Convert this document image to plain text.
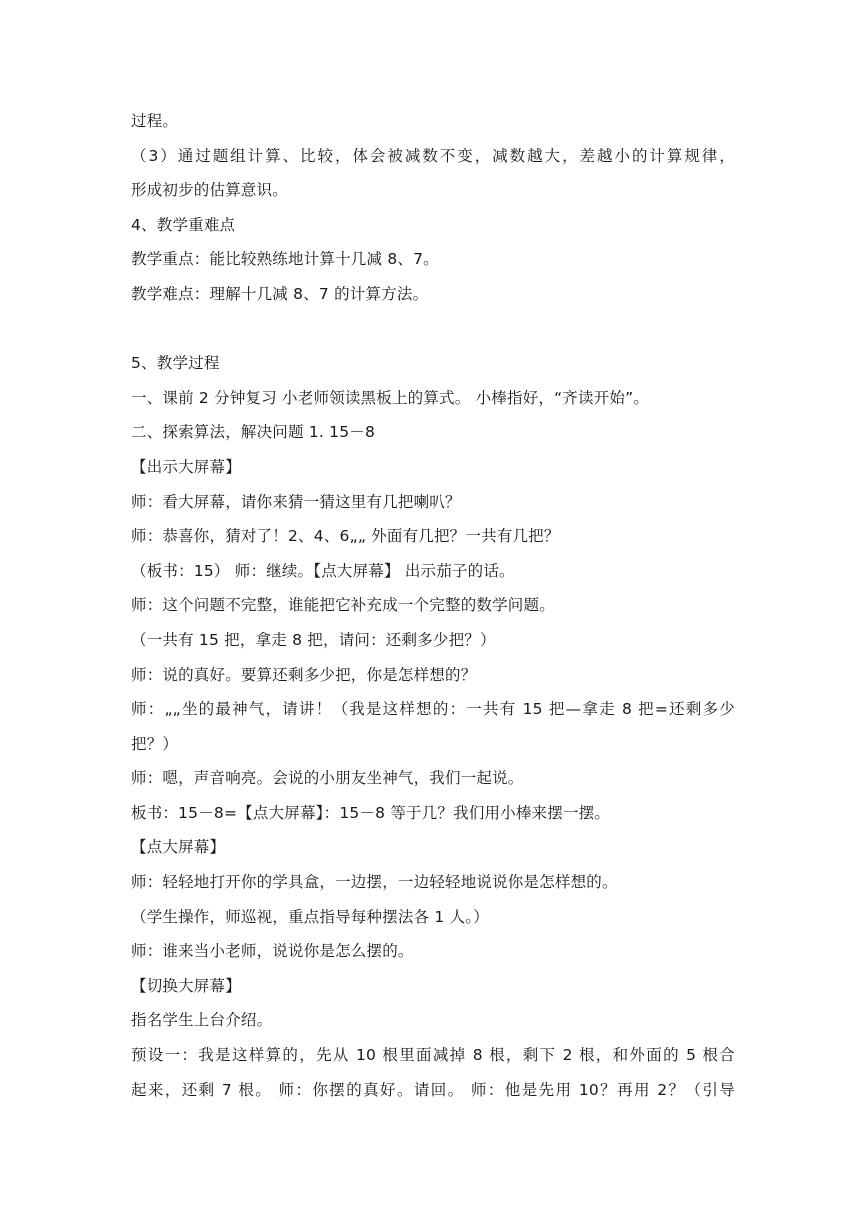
过程。
（3）通过题组计算、比较，体会被减数不变，减数越大，差越小的计算规律，
形成初步的估算意识。
4、教学重难点
教学重点：能比较熟练地计算十几减 8、7。
教学难点：理解十几减 8、7 的计算方法。
5、教学过程
一、课前 2 分钟复习 小老师领读黑板上的算式。 小棒指好，“齐读开始”。
二、探索算法，解决问题 1. 15－8
【出示大屏幕】
师：看大屏幕，请你来猜一猜这里有几把喇叭？
师：恭喜你，猜对了！2、4、6„„ 外面有几把？一共有几把？
（板书：15） 师：继续。【点大屏幕】 出示茄子的话。
师：这个问题不完整，谁能把它补充成一个完整的数学问题。
（一共有 15 把，拿走 8 把，请问：还剩多少把？）
师：说的真好。要算还剩多少把，你是怎样想的？
师：„„坐的最神气，请讲！（我是这样想的：一共有 15 把—拿走 8 把=还剩多少
把？）
师：嗯，声音响亮。会说的小朋友坐神气，我们一起说。
板书：15－8=【点大屏幕】：15－8 等于几？我们用小棒来摆一摆。
【点大屏幕】
师：轻轻地打开你的学具盒，一边摆，一边轻轻地说说你是怎样想的。
（学生操作，师巡视，重点指导每种摆法各 1 人。）
师：谁来当小老师，说说你是怎么摆的。
【切换大屏幕】
指名学生上台介绍。
预设一：我是这样算的，先从 10 根里面减掉 8 根，剩下 2 根，和外面的 5 根合
起来，还剩 7 根。 师：你摆的真好。请回。 师：他是先用 10？再用 2？（引导
